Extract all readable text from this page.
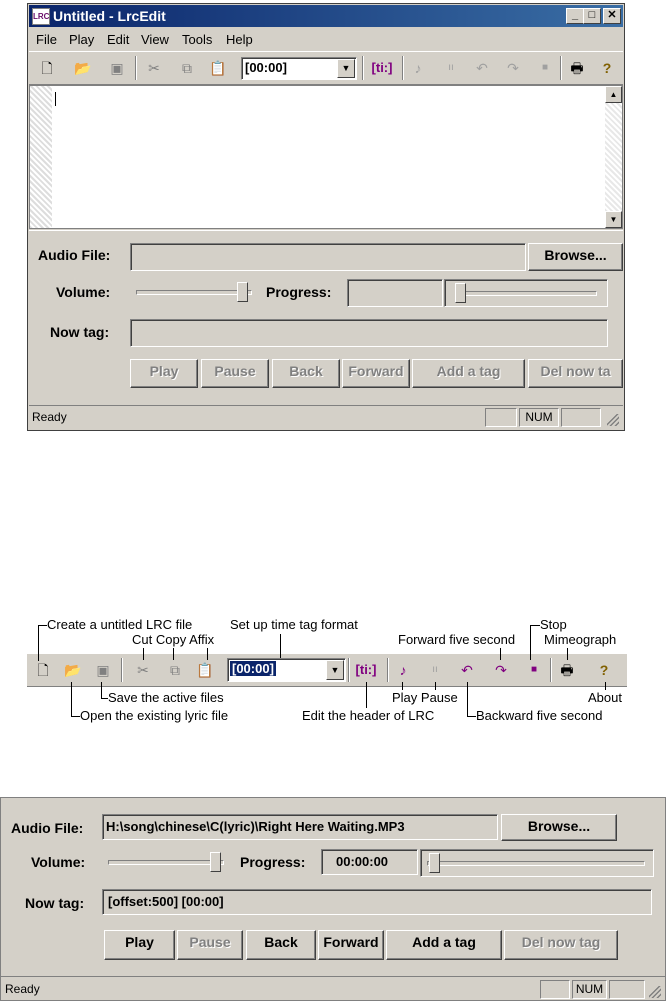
LRC Untitled - LrcEdit	_ □	✕
File Play Edit View Tools Help
🗋	📂 ▣ ✂	⧉	📋 [00:00]	▼	[ti:]	♪	ıı	↶ ↷	■	🖶 ?
▲
▼
Audio File:	Browse...
Volume:	Progress:
Now tag:
Play	Pause	Back	Forward	Add a tag	Del now ta
Ready	NUM
🗋	📂 ▣ ✂	⧉	📋 [00:00]	▼	[ti:]	♪	ıı	↶ ↷	■	🖶 ?
Create a untitled LRC file
Cut Copy Affix
Set up time tag format
Forward five second
Stop
Mimeograph
Save the active files
Open the existing lyric file	Edit the header of LRC
Play Pause
Backward five second
About
Audio File: H:\song\chinese\C(lyric)\Right Here Waiting.MP3	Browse...
Volume:	Progress: 00:00:00
Now tag: [offset:500] [00:00]
Play	Pause	Back	Forward	Add a tag	Del now tag
Ready	NUM
